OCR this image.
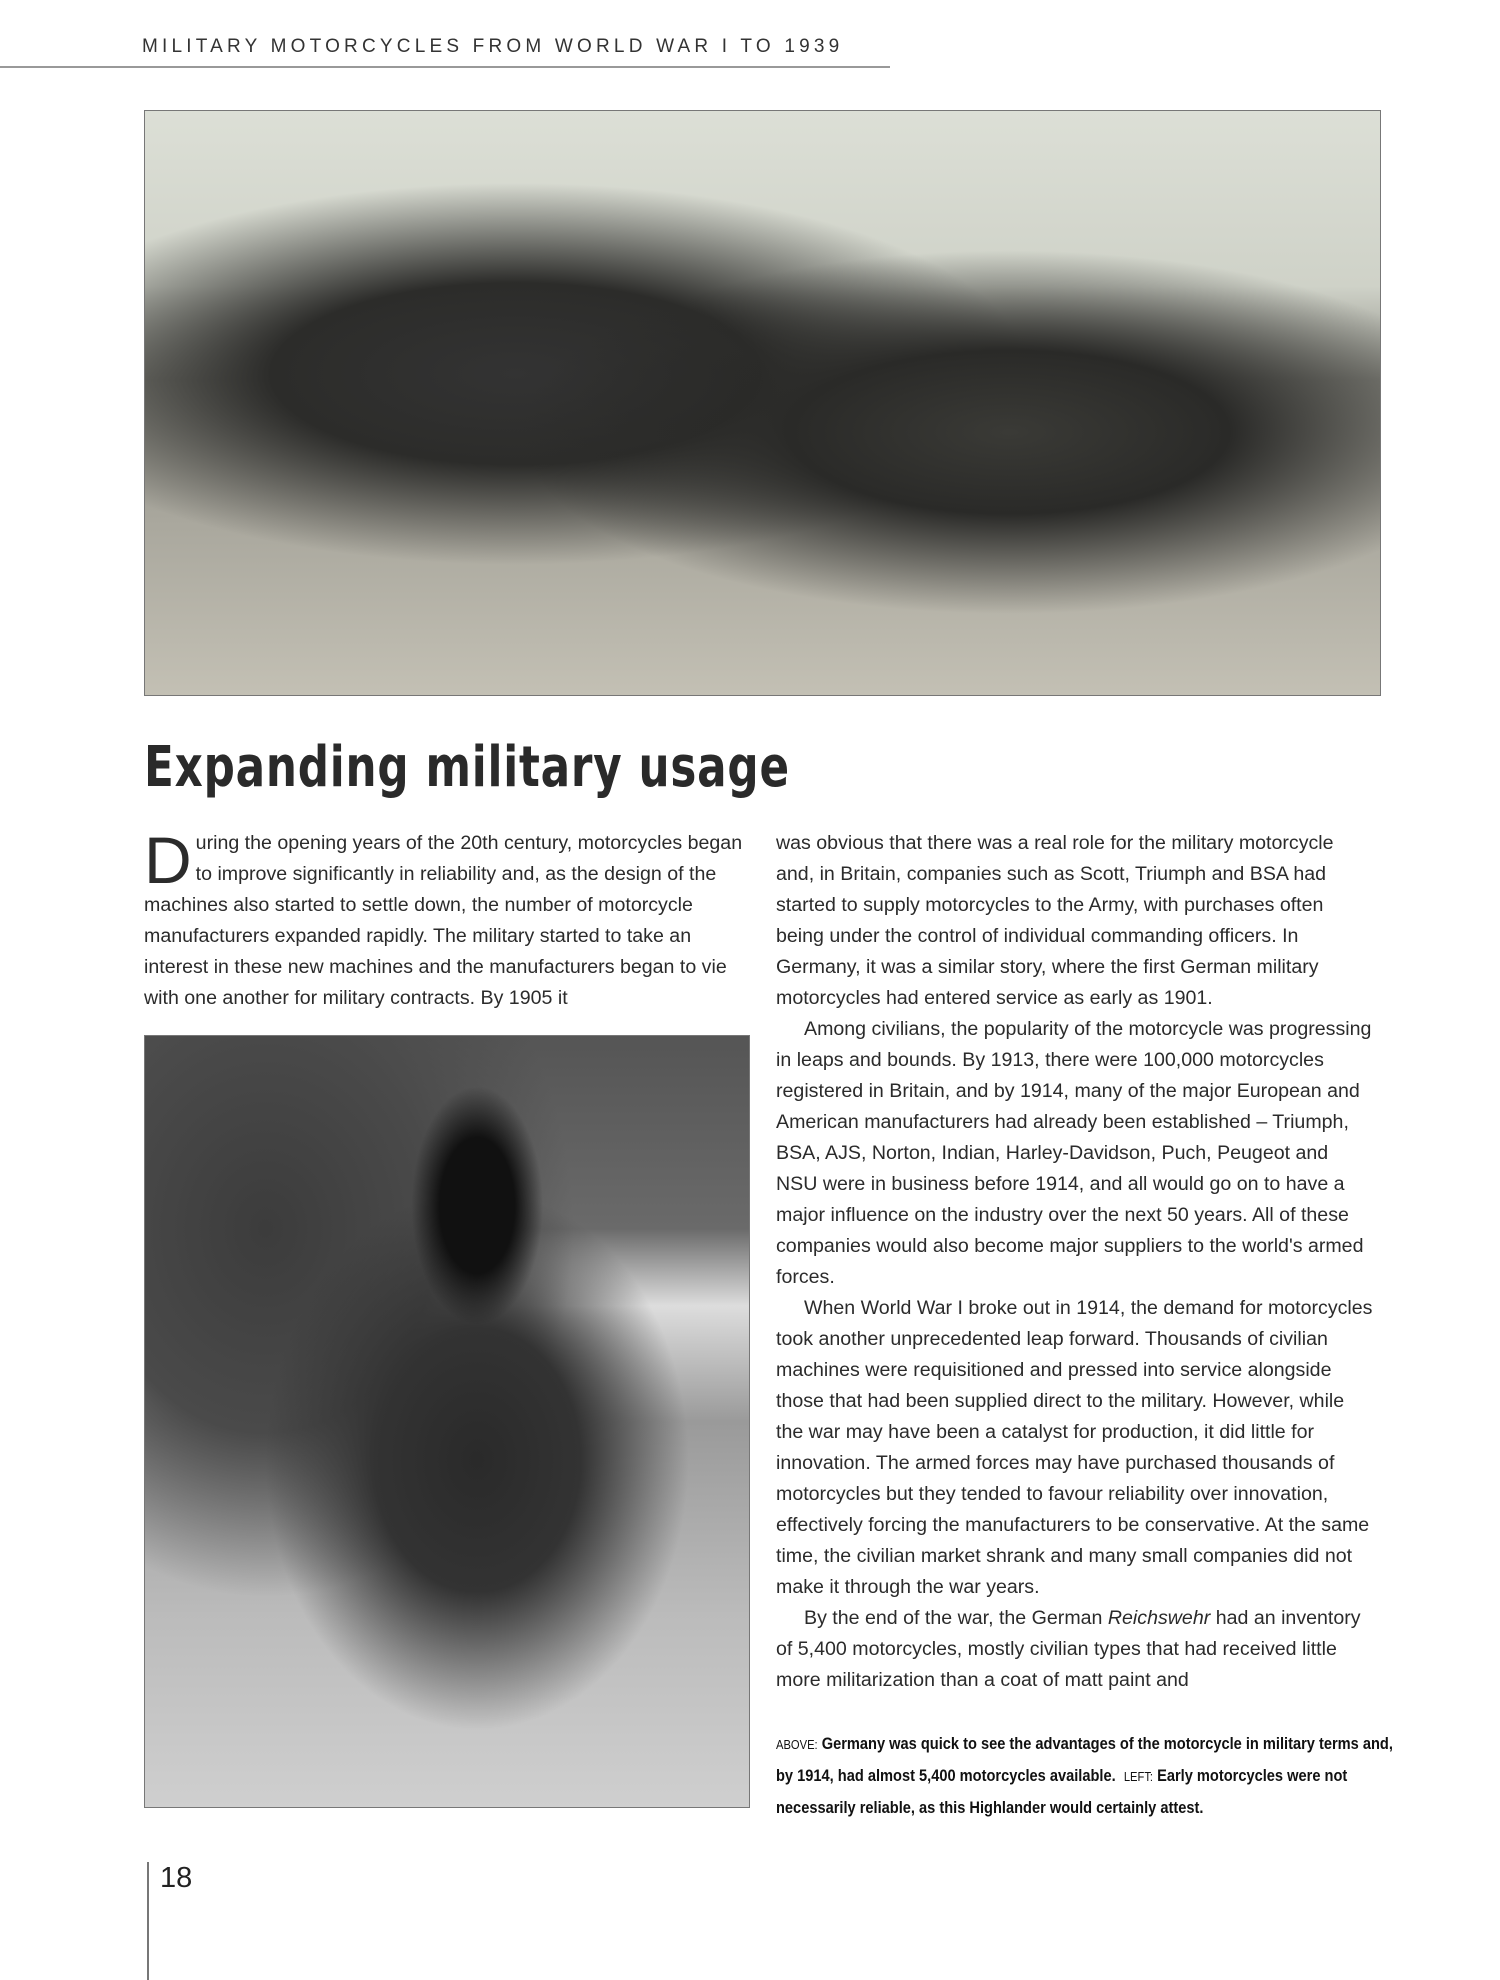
MILITARY MOTORCYCLES FROM WORLD WAR I TO 1939
Expanding military usage

During the opening years of the 20th century, motorcycles began to improve significantly in reliability and, as the design of the machines also started to settle down, the number of motorcycle manufacturers expanded rapidly. The military started to take an interest in these new machines and the manufacturers began to vie with one another for military contracts. By 1905 it

was obvious that there was a real role for the military motorcycle and, in Britain, companies such as Scott, Triumph and BSA had started to supply motorcycles to the Army, with purchases often being under the control of individual commanding officers. In Germany, it was a similar story, where the first German military motorcycles had entered service as early as 1901.

Among civilians, the popularity of the motorcycle was progressing in leaps and bounds. By 1913, there were 100,000 motorcycles registered in Britain, and by 1914, many of the major European and American manufacturers had already been established – Triumph, BSA, AJS, Norton, Indian, Harley-Davidson, Puch, Peugeot and NSU were in business before 1914, and all would go on to have a major influence on the industry over the next 50 years. All of these companies would also become major suppliers to the world's armed forces.

When World War I broke out in 1914, the demand for motorcycles took another unprecedented leap forward. Thousands of civilian machines were requisitioned and pressed into service alongside those that had been supplied direct to the military. However, while the war may have been a catalyst for production, it did little for innovation. The armed forces may have purchased thousands of motorcycles but they tended to favour reliability over innovation, effectively forcing the manufacturers to be conservative. At the same time, the civilian market shrank and many small companies did not make it through the war years.

By the end of the war, the German Reichswehr had an inventory of 5,400 motorcycles, mostly civilian types that had received little more militarization than a coat of matt paint and

ABOVE: Germany was quick to see the advantages of the motorcycle in military terms and, by 1914, had almost 5,400 motorcycles available. LEFT: Early motorcycles were not necessarily reliable, as this Highlander would certainly attest.
18
